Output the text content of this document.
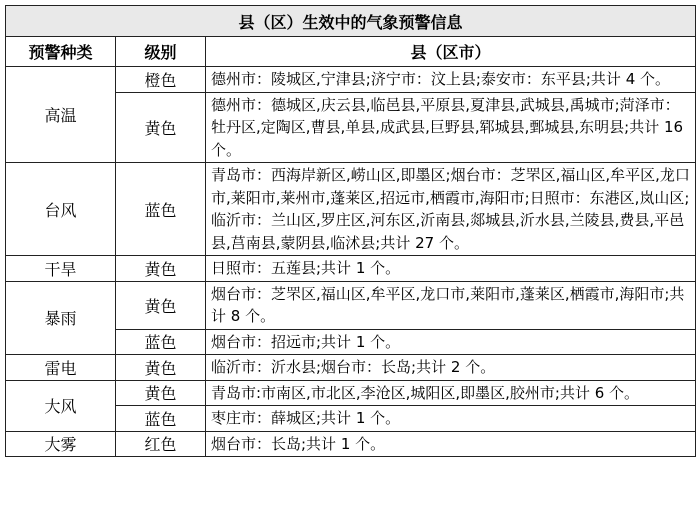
县（区）生效中的气象预警信息		
预警种类	级别	县（区市）
高温	橙色	德州市：陵城区,宁津县;济宁市：汶上县;泰安市：东平县;共计 4 个。
	黄色	德州市：德城区,庆云县,临邑县,平原县,夏津县,武城县,禹城市;菏泽市：牡丹区,定陶区,曹县,单县,成武县,巨野县,郓城县,鄄城县,东明县;共计 16 个。
台风	蓝色	青岛市：西海岸新区,崂山区,即墨区;烟台市：芝罘区,福山区,牟平区,龙口市,莱阳市,莱州市,蓬莱区,招远市,栖霞市,海阳市;日照市：东港区,岚山区;临沂市：兰山区,罗庄区,河东区,沂南县,郯城县,沂水县,兰陵县,费县,平邑县,莒南县,蒙阴县,临沭县;共计 27 个。
干旱	黄色	日照市：五莲县;共计 1 个。
暴雨	黄色	烟台市：芝罘区,福山区,牟平区,龙口市,莱阳市,蓬莱区,栖霞市,海阳市;共计 8 个。
	蓝色	烟台市：招远市;共计 1 个。
雷电	黄色	临沂市：沂水县;烟台市：长岛;共计 2 个。
大风	黄色	青岛市:市南区,市北区,李沧区,城阳区,即墨区,胶州市;共计 6 个。
	蓝色	枣庄市：薛城区;共计 1 个。
大雾	红色	烟台市：长岛;共计 1 个。
